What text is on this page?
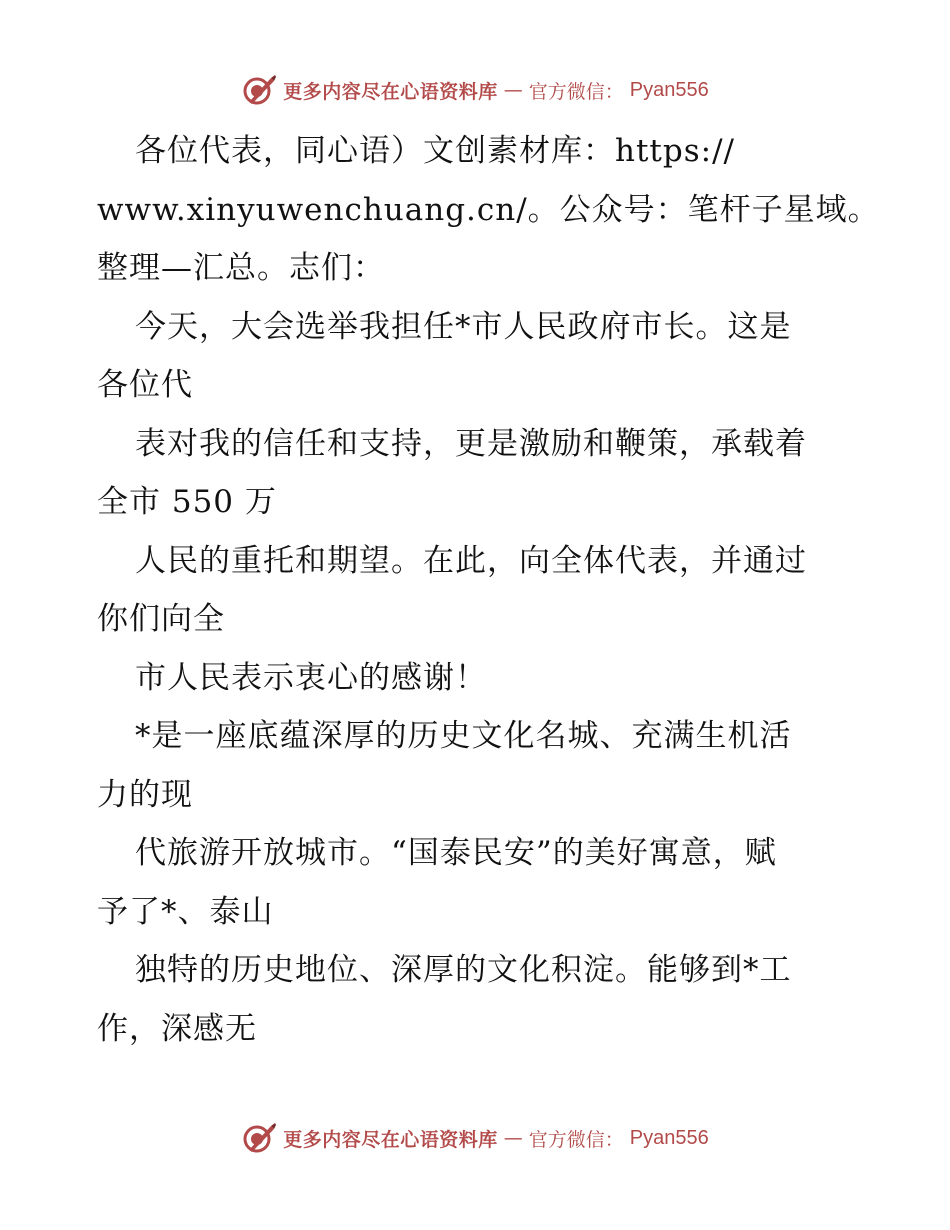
更多内容尽在心语资料库 — 官方微信： Pyan556
各位代表，同心语）文创素材库：https://
www.xinyuwenchuang.cn/。公众号：笔杆子星域。
整理—汇总。志们：
今天，大会选举我担任*市人民政府市长。这是
各位代
表对我的信任和支持，更是激励和鞭策，承载着
全市 550 万
人民的重托和期望。在此，向全体代表，并通过
你们向全
市人民表示衷心的感谢！
*是一座底蕴深厚的历史文化名城、充满生机活
力的现
代旅游开放城市。“国泰民安”的美好寓意，赋
予了*、泰山
独特的历史地位、深厚的文化积淀。能够到*工
作，深感无
更多内容尽在心语资料库 — 官方微信： Pyan556
